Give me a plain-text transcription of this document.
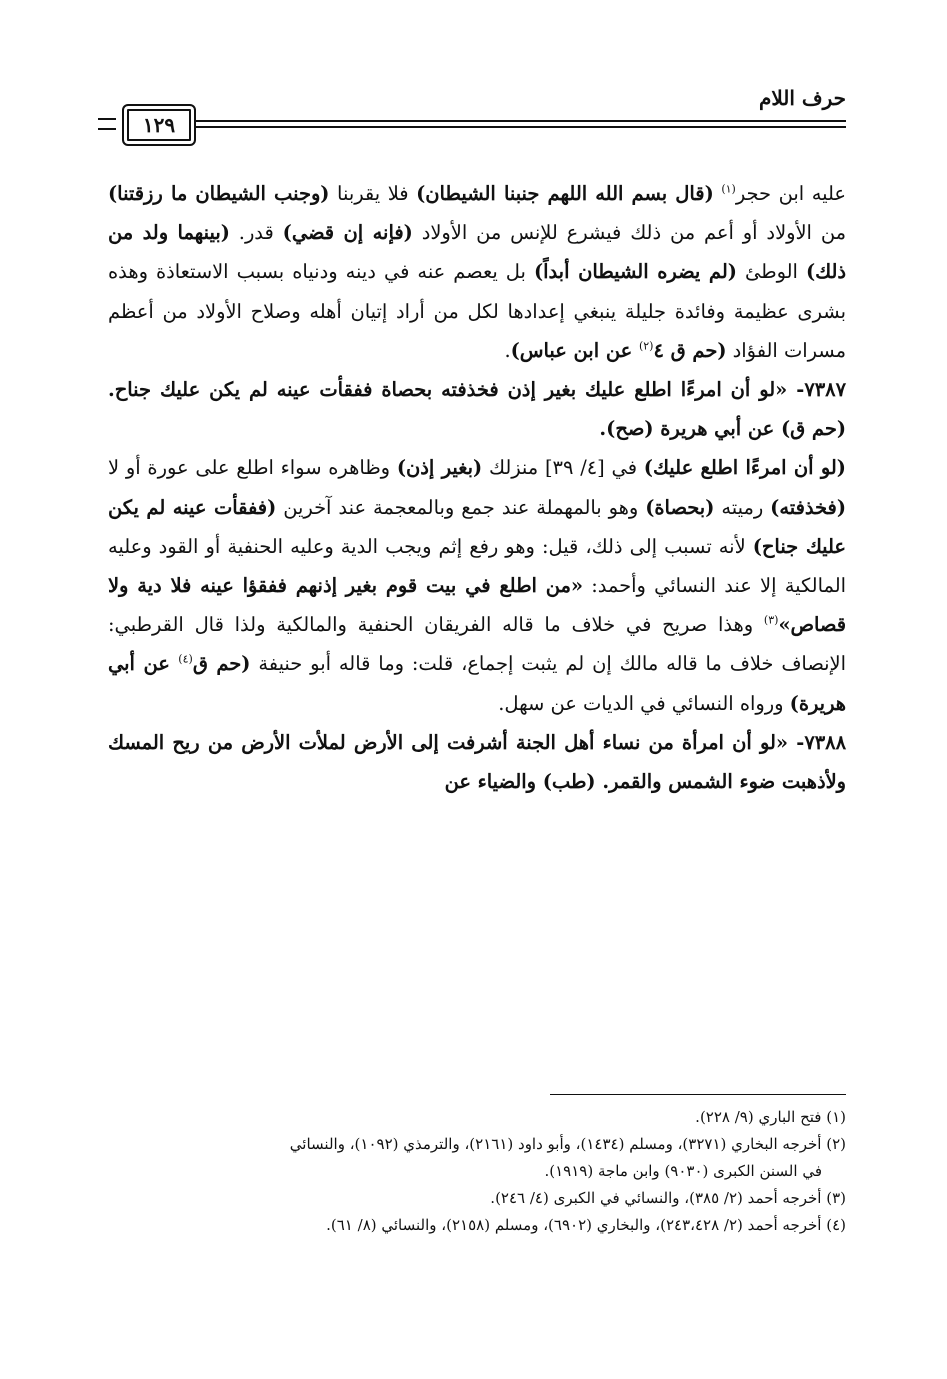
حرف اللام
١٢٩

عليه ابن حجر$^{(١)}$ (قال بسم الله اللهم جنبنا الشيطان) فلا يقربنا (وجنب الشيطان ما رزقتنا) من الأولاد أو أعم من ذلك فيشرع للإنس من الأولاد (فإنه إن قضي) قدر. (بينهما ولد من ذلك) الوطئ (لم يضره الشيطان أبداً) بل يعصم عنه في دينه ودنياه بسبب الاستعاذة وهذه بشرى عظيمة وفائدة جليلة ينبغي إعدادها لكل من أراد إتيان أهله وصلاح الأولاد من أعظم مسرات الفؤاد (حم ق ٤$^{(٢)}$ عن ابن عباس).

٧٣٨٧- «لو أن امرءًا اطلع عليك بغير إذن فخذفته بحصاة ففقأت عينه لم يكن عليك جناح. (حم ق) عن أبي هريرة (صح).

(لو أن امرءًا اطلع عليك) في [٤/ ٣٩] منزلك (بغير إذن) وظاهره سواء اطلع على عورة أو لا (فخذفته) رميته (بحصاة) وهو بالمهملة عند جمع وبالمعجمة عند آخرين (ففقأت عينه لم يكن عليك جناح) لأنه تسبب إلى ذلك، قيل: وهو رفع إثم ويجب الدية وعليه الحنفية أو القود وعليه المالكية إلا عند النسائي وأحمد: «من اطلع في بيت قوم بغير إذنهم ففقؤا عينه فلا دية ولا قصاص»$^{(٣)}$ وهذا صريح في خلاف ما قاله الفريقان الحنفية والمالكية ولذا قال القرطبي: الإنصاف خلاف ما قاله مالك إن لم يثبت إجماع، قلت: وما قاله أبو حنيفة (حم ق$^{(٤)}$ عن أبي هريرة) ورواه النسائي في الديات عن سهل.

٧٣٨٨- «لو أن امرأة من نساء أهل الجنة أشرفت إلى الأرض لملأت الأرض من ريح المسك ولأذهبت ضوء الشمس والقمر. (طب) والضياء عن

(١) فتح الباري (٩/ ٢٢٨).

(٢) أخرجه البخاري (٣٢٧١)، ومسلم (١٤٣٤)، وأبو داود (٢١٦١)، والترمذي (١٠٩٢)، والنسائي

في السنن الكبرى (٩٠٣٠) وابن ماجة (١٩١٩).

(٣) أخرجه أحمد (٢/ ٣٨٥)، والنسائي في الكبرى (٤/ ٢٤٦).

(٤) أخرجه أحمد (٢/ ٢٤٣،٤٢٨)، والبخاري (٦٩٠٢)، ومسلم (٢١٥٨)، والنسائي (٨/ ٦١).
